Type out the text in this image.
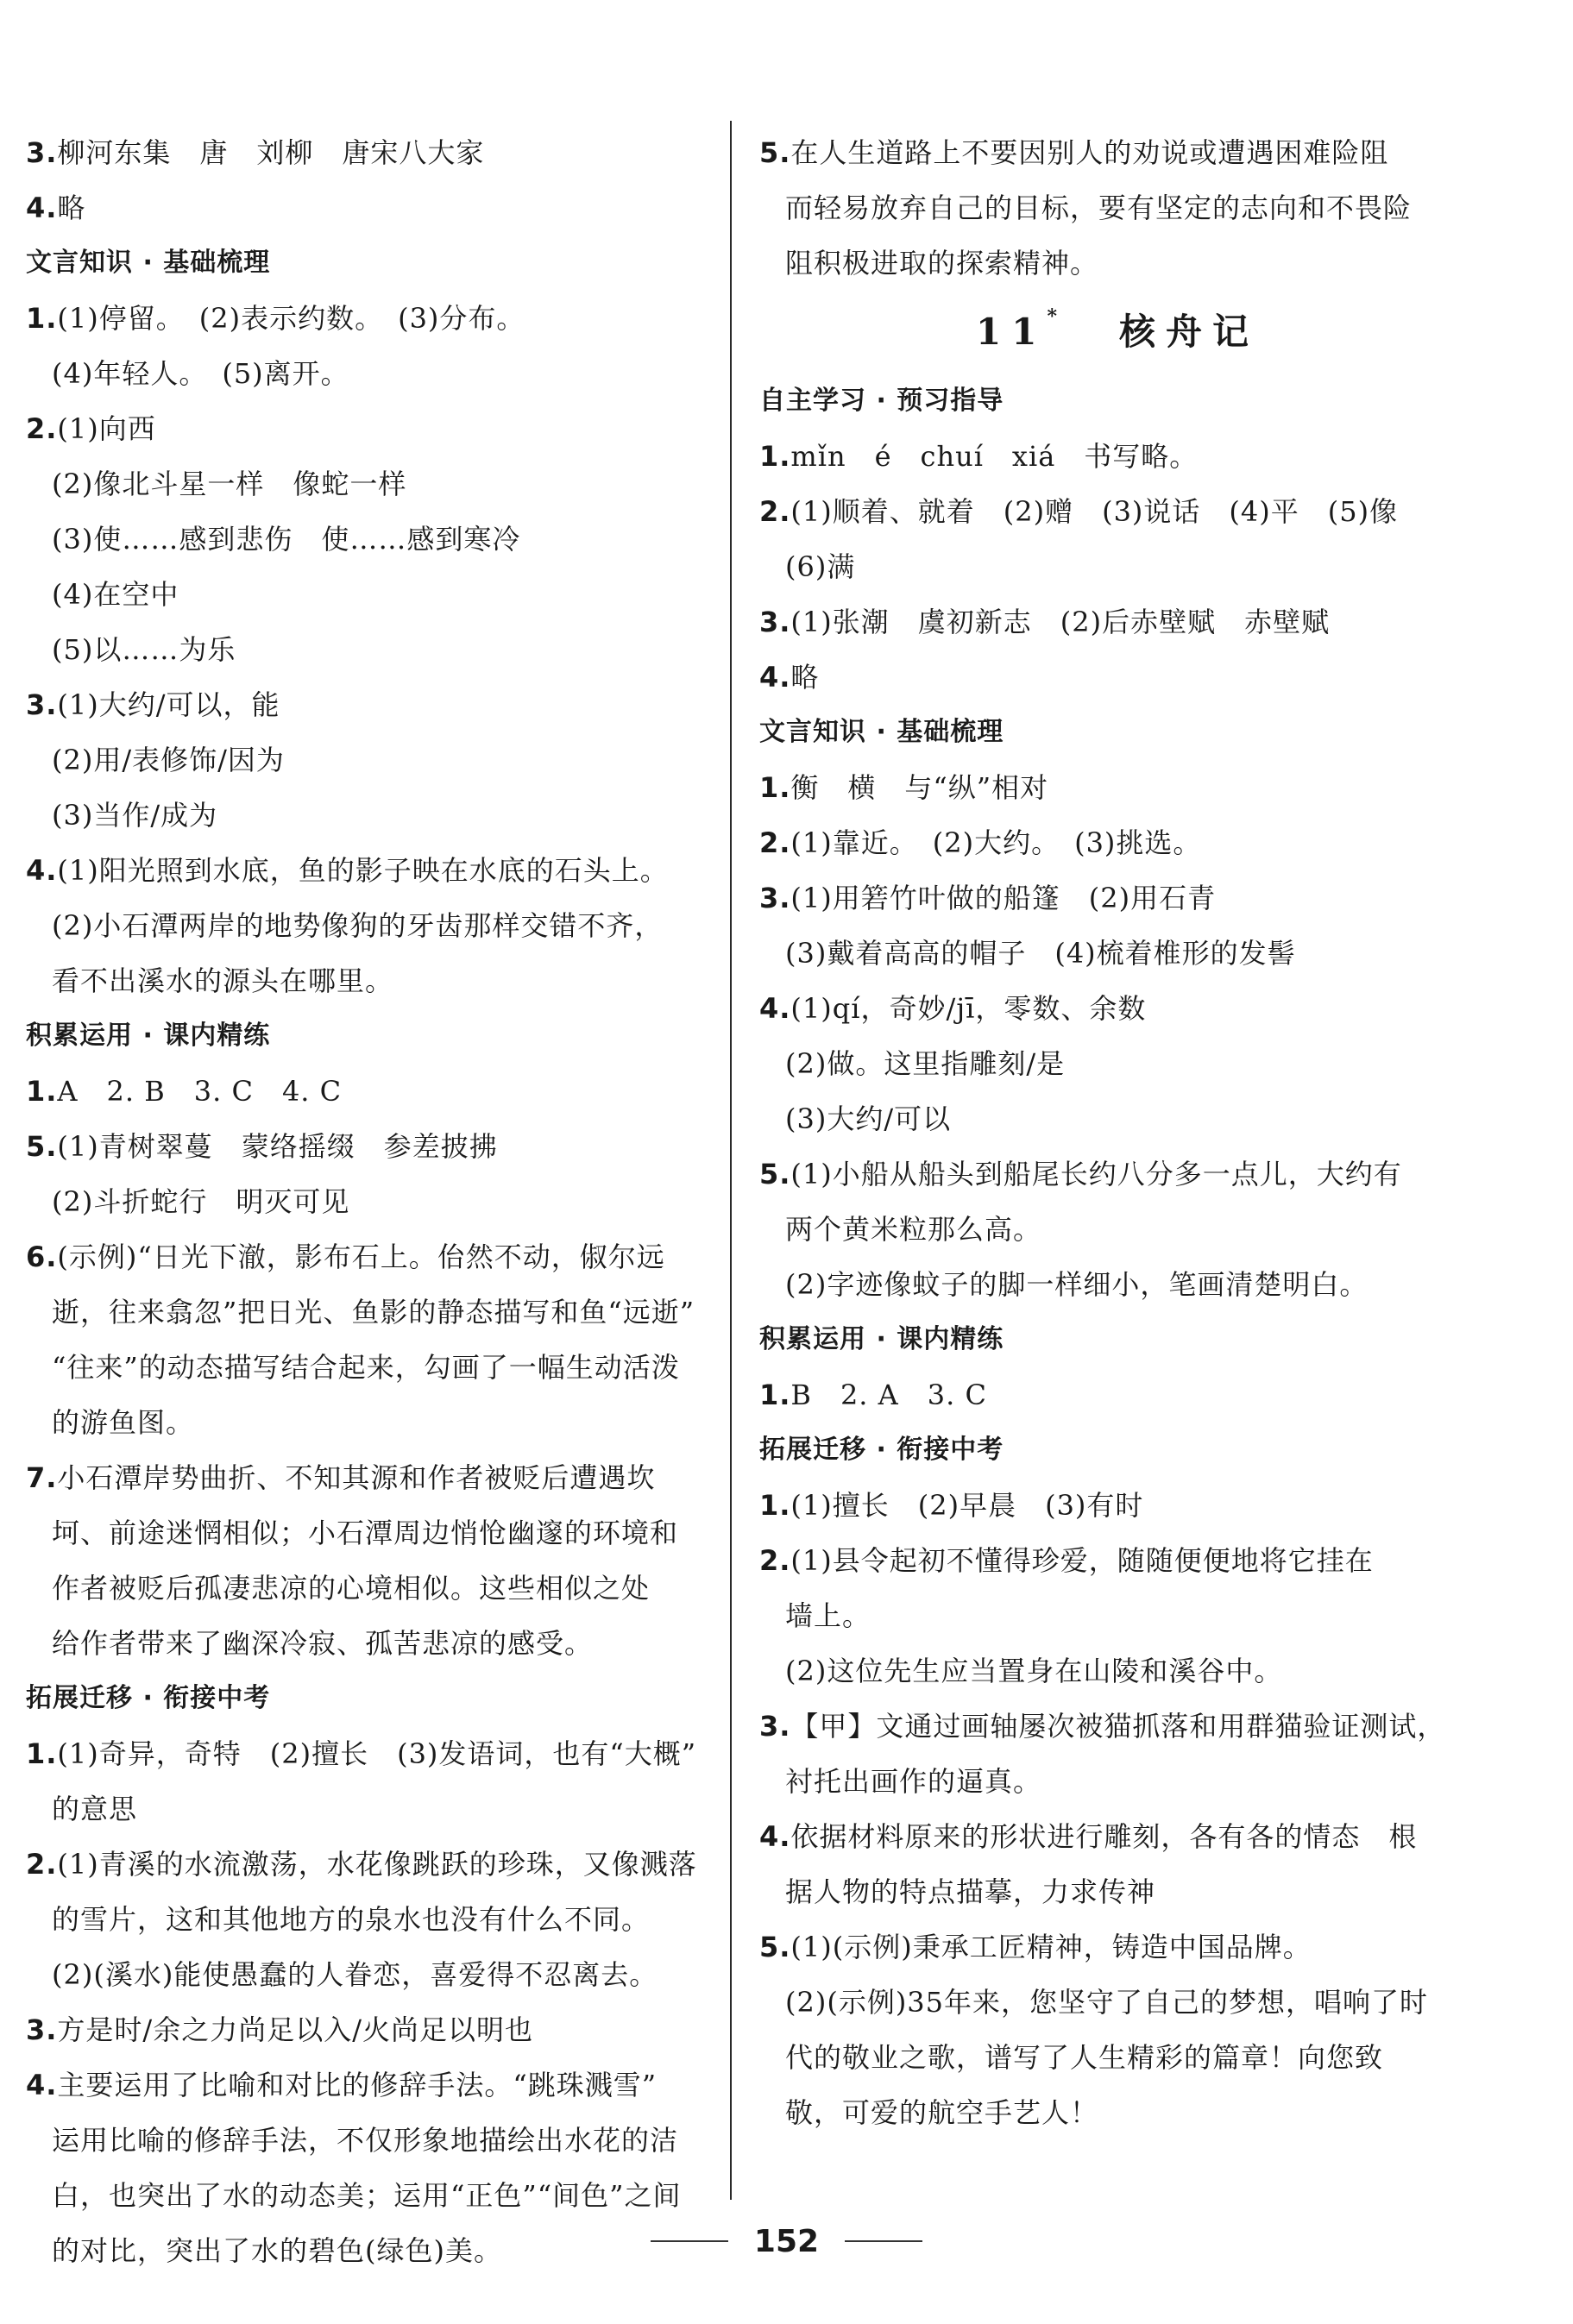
3.柳河东集　唐　刘柳　唐宋八大家
4.略
文言知识 · 基础梳理
1.(1)停留。　(2)表示约数。　(3)分布。
(4)年轻人。　(5)离开。
2.(1)向西
(2)像北斗星一样　像蛇一样
(3)使……感到悲伤　使……感到寒冷
(4)在空中
(5)以……为乐
3.(1)大约/可以，能
(2)用/表修饰/因为
(3)当作/成为
4.(1)阳光照到水底，鱼的影子映在水底的石头上。
(2)小石潭两岸的地势像狗的牙齿那样交错不齐，
看不出溪水的源头在哪里。
积累运用 · 课内精练
1.A　2. B　3. C　4. C
5.(1)青树翠蔓　蒙络摇缀　参差披拂
(2)斗折蛇行　明灭可见
6.(示例)“日光下澈，影布石上。佁然不动，俶尔远
逝，往来翕忽”把日光、鱼影的静态描写和鱼“远逝”
“往来”的动态描写结合起来，勾画了一幅生动活泼
的游鱼图。
7.小石潭岸势曲折、不知其源和作者被贬后遭遇坎
坷、前途迷惘相似；小石潭周边悄怆幽邃的环境和
作者被贬后孤凄悲凉的心境相似。这些相似之处
给作者带来了幽深冷寂、孤苦悲凉的感受。
拓展迁移 · 衔接中考
1.(1)奇异，奇特　(2)擅长　(3)发语词，也有“大概”
的意思
2.(1)青溪的水流激荡，水花像跳跃的珍珠，又像溅落
的雪片，这和其他地方的泉水也没有什么不同。
(2)(溪水)能使愚蠢的人眷恋，喜爱得不忍离去。
3.方是时/余之力尚足以入/火尚足以明也
4.主要运用了比喻和对比的修辞手法。“跳珠溅雪”
运用比喻的修辞手法，不仅形象地描绘出水花的洁
白，也突出了水的动态美；运用“正色”“间色”之间
的对比，突出了水的碧色(绿色)美。
5.在人生道路上不要因别人的劝说或遭遇困难险阻
而轻易放弃自己的目标，要有坚定的志向和不畏险
阻积极进取的探索精神。
11* 核舟记
自主学习 · 预习指导
1.mǐn　é　chuí　xiá　书写略。
2.(1)顺着、就着　(2)赠　(3)说话　(4)平　(5)像
(6)满
3.(1)张潮　虞初新志　(2)后赤壁赋　赤壁赋
4.略
文言知识 · 基础梳理
1.衡　横　与“纵”相对
2.(1)靠近。　(2)大约。　(3)挑选。
3.(1)用箬竹叶做的船篷　(2)用石青
(3)戴着高高的帽子　(4)梳着椎形的发髻
4.(1)qí，奇妙/jī，零数、余数
(2)做。这里指雕刻/是
(3)大约/可以
5.(1)小船从船头到船尾长约八分多一点儿，大约有
两个黄米粒那么高。
(2)字迹像蚊子的脚一样细小，笔画清楚明白。
积累运用 · 课内精练
1.B　2. A　3. C
拓展迁移 · 衔接中考
1.(1)擅长　(2)早晨　(3)有时
2.(1)县令起初不懂得珍爱，随随便便地将它挂在
墙上。
(2)这位先生应当置身在山陵和溪谷中。
3.【甲】文通过画轴屡次被猫抓落和用群猫验证测试，
衬托出画作的逼真。
4.依据材料原来的形状进行雕刻，各有各的情态　根
据人物的特点描摹，力求传神
5.(1)(示例)秉承工匠精神，铸造中国品牌。
(2)(示例)35年来，您坚守了自己的梦想，唱响了时
代的敬业之歌，谱写了人生精彩的篇章！向您致
敬，可爱的航空手艺人！
152
